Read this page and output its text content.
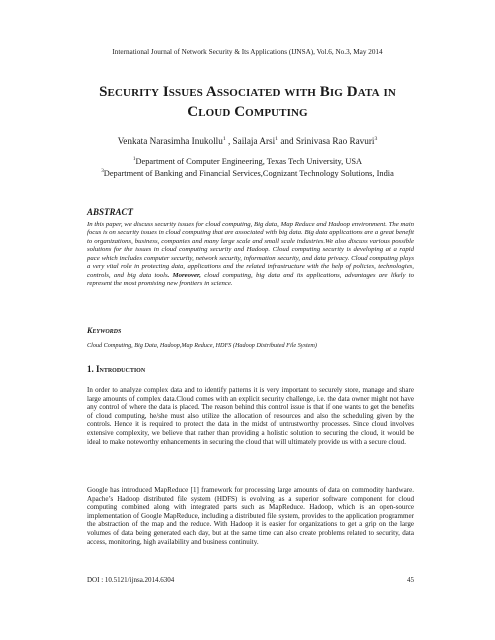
International Journal of Network Security & Its Applications (IJNSA), Vol.6, No.3, May 2014
Security Issues Associated with Big Data in
Cloud Computing
Venkata Narasimha Inukollu$^1$ , Sailaja Arsi$^1$ and Srinivasa Rao Ravuri$^3$
$^1$Department of Computer Engineering, Texas Tech University, USA
$^3$Department of Banking and Financial Services,Cognizant Technology Solutions, India
ABSTRACT
In this paper, we discuss security issues for cloud computing, Big data, Map Reduce and Hadoop environment. The main focus is on security issues in cloud computing that are associated with big data. Big data applications are a great benefit to organizations, business, companies and many large scale and small scale industries.We also discuss various possible solutions for the issues in cloud computing security and Hadoop. Cloud computing security is developing at a rapid pace which includes computer security, network security, information security, and data privacy. Cloud computing plays a very vital role in protecting data, applications and the related infrastructure with the help of policies, technologies, controls, and big data tools. Moreover, cloud computing, big data and its applications, advantages are likely to represent the most promising new frontiers in science.
Keywords
Cloud Computing, Big Data, Hadoop,Map Reduce, HDFS (Hadoop Distributed File System)
1. Introduction
In order to analyze complex data and to identify patterns it is very important to securely store, manage and share large amounts of complex data.Cloud comes with an explicit security challenge, i.e. the data owner might not have any control of where the data is placed. The reason behind this control issue is that if one wants to get the benefits of cloud computing, he/she must also utilize the allocation of resources and also the scheduling given by the controls. Hence it is required to protect the data in the midst of untrustworthy processes. Since cloud involves extensive complexity, we believe that rather than providing a holistic solution to securing the cloud, it would be ideal to make noteworthy enhancements in securing the cloud that will ultimately provide us with a secure cloud.
Google has introduced MapReduce [1] framework for processing large amounts of data on commodity hardware. Apache’s Hadoop distributed file system (HDFS) is evolving as a superior software component for cloud computing combined along with integrated parts such as MapReduce. Hadoop, which is an open-source implementation of Google MapReduce, including a distributed file system, provides to the application programmer the abstraction of the map and the reduce. With Hadoop it is easier for organizations to get a grip on the large volumes of data being generated each day, but at the same time can also create problems related to security, data access, monitoring, high availability and business continuity.
DOI : 10.5121/ijnsa.2014.6304	45
